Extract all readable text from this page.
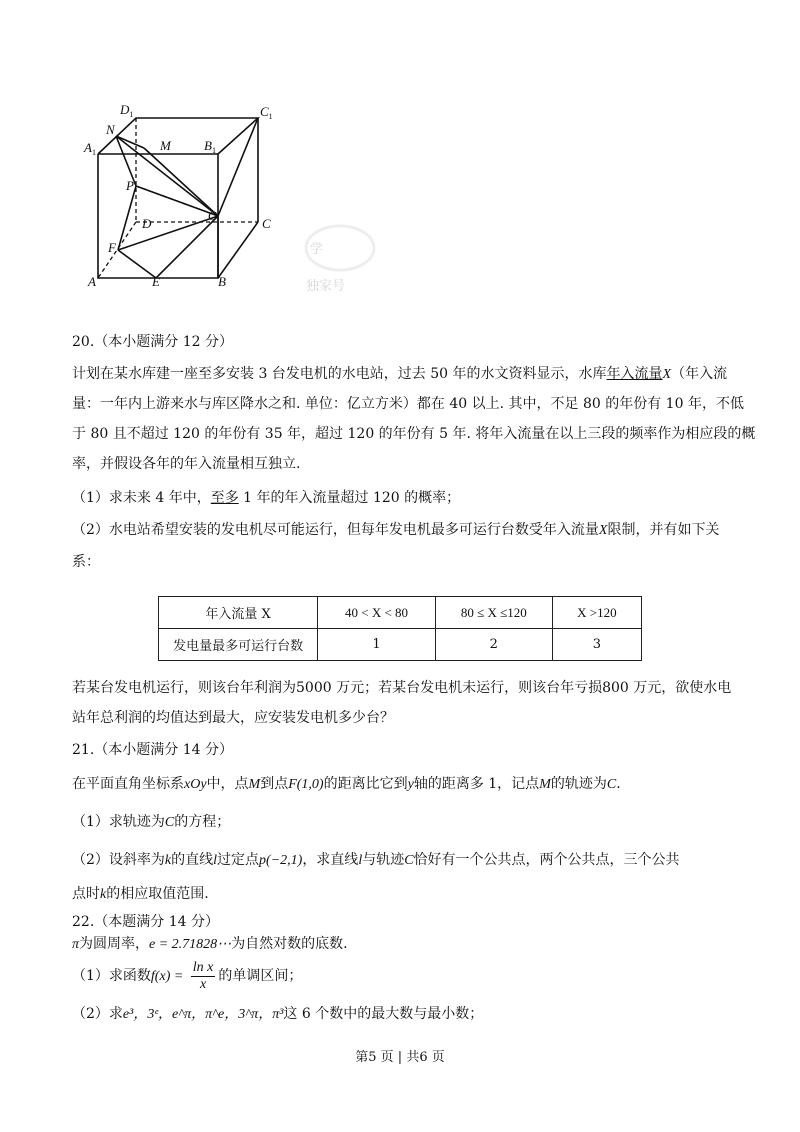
学
独家号
$D_1$	$C_1$
N
M
$A_1$	$B_1$
P
O
D	C
F
A	E	B
20.（本小题满分 12 分）
计划在某水库建一座至多安装 3 台发电机的水电站，过去 50 年的水文资料显示，水库年入流量X（年入流
量：一年内上游来水与库区降水之和. 单位：亿立方米）都在 40 以上. 其中，不足 80 的年份有 10 年，不低
于 80 且不超过 120 的年份有 35 年，超过 120 的年份有 5 年. 将年入流量在以上三段的频率作为相应段的概
率，并假设各年的年入流量相互独立.
（1）求未来 4 年中，至多 1 年的年入流量超过 120 的概率；
（2）水电站希望安装的发电机尽可能运行，但每年发电机最多可运行台数受年入流量X限制，并有如下关
系：
年入流量 X	40 < X < 80	80 ≤ X ≤120	X >120
发电量最多可运行台数	1	2	3
若某台发电机运行，则该台年利润为5000 万元；若某台发电机未运行，则该台年亏损800 万元，欲使水电
站年总利润的均值达到最大，应安装发电机多少台？
21.（本小题满分 14 分）
在平面直角坐标系xOy中，点M到点F(1,0)的距离比它到y轴的距离多 1，记点M的轨迹为C.
（1）求轨迹为C的方程；
（2）设斜率为k的直线l过定点p(−2,1)，求直线l与轨迹C恰好有一个公共点，两个公共点，三个公共
点时k的相应取值范围.
22.（本题满分 14 分）
π为圆周率，e = 2.71828⋯为自然对数的底数.
（1）求函数$f(x) = \frac{\text{ln x}}{x}$ 的单调区间；
（2）求e³，3ᵉ，e^π，π^e，3^π，π³这 6 个数中的最大数与最小数；
第5 页 | 共6 页
